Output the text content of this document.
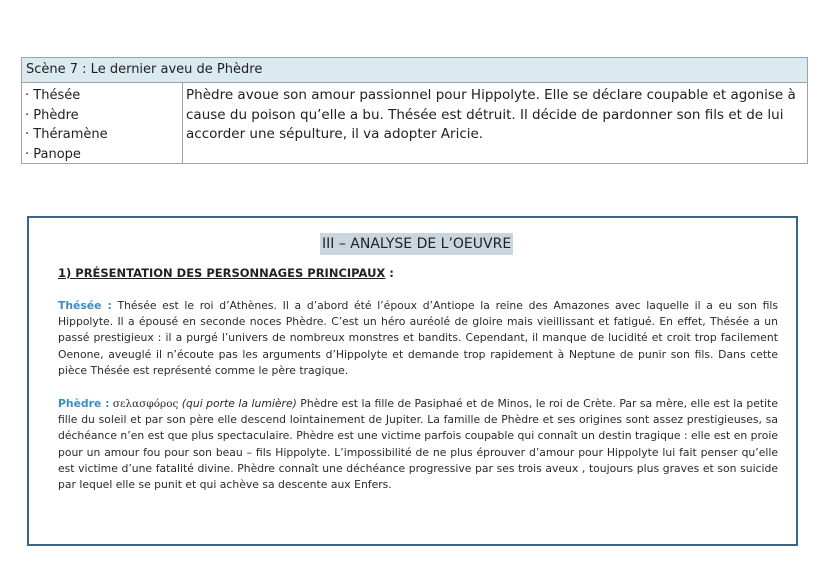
Scène 7 : Le dernier aveu de Phèdre
· Thésée
· Phèdre
· Théramène
· Panope
Phèdre avoue son amour passionnel pour Hippolyte. Elle se déclare coupable et agonise à cause du poison qu’elle a bu. Thésée est détruit. Il décide de pardonner son fils et de lui accorder une sépulture, il va adopter Aricie.
III – ANALYSE DE L’OEUVRE

1) PRÉSENTATION DES PERSONNAGES PRINCIPAUX :

Thésée : Thésée est le roi d’Athènes. Il a d’abord été l’époux d’Antiope la reine des Amazones avec laquelle il a eu son fils Hippolyte. Il a épousé en seconde noces Phèdre. C’est un héro auréolé de gloire mais vieillissant et fatigué. En effet, Thésée a un passé prestigieux : il a purgé l’univers de nombreux monstres et bandits. Cependant, il manque de lucidité et croit trop facilement Oenone, aveuglé il n’écoute pas les arguments d’Hippolyte et demande trop rapidement à Neptune de punir son fils. Dans cette pièce Thésée est représenté comme le père tragique.

Phèdre : σελασφόρος (qui porte la lumière) Phèdre est la fille de Pasiphaé et de Minos, le roi de Crète. Par sa mère, elle est la petite fille du soleil et par son père elle descend lointainement de Jupiter. La famille de Phèdre et ses origines sont assez prestigieuses, sa déchéance n’en est que plus spectaculaire. Phèdre est une victime parfois coupable qui connaît un destin tragique : elle est en proie pour un amour fou pour son beau – fils Hippolyte. L’impossibilité de ne plus éprouver d’amour pour Hippolyte lui fait penser qu’elle est victime d’une fatalité divine. Phèdre connaît une déchéance progressive par ses trois aveux , toujours plus graves et son suicide par lequel elle se punit et qui achève sa descente aux Enfers.
